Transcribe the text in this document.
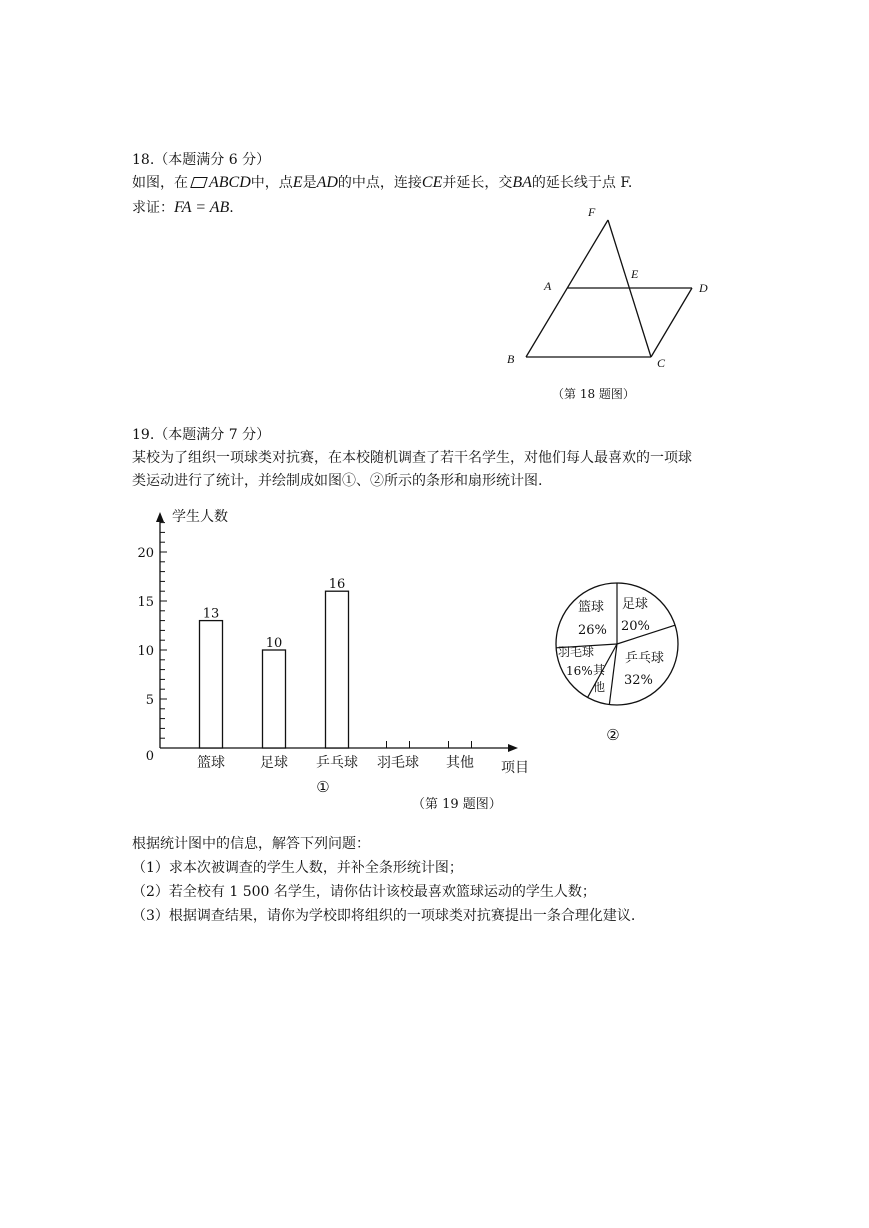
18.（本题满分 6 分）
如图，在 ABCD中，点E是AD的中点，连接CE并延长，交BA的延长线于点 F.
求证：FA = AB.	F
A
E
D
B	C
（第 18 题图）
19.（本题满分 7 分）
某校为了组织一项球类对抗赛，在本校随机调查了若干名学生，对他们每人最喜欢的一项球
类运动进行了统计，并绘制成如图①、②所示的条形和扇形统计图.
0
5
10
15
20
学生人数
项目
13
篮球
10
足球
16
乒乓球 羽毛球 其他
①
足球
20%
乒乓球
32%
其
他
羽毛球
16%
篮球
26%
②
（第 19 题图）
根据统计图中的信息，解答下列问题：
（1）求本次被调查的学生人数，并补全条形统计图；
（2）若全校有 1 500 名学生，请你估计该校最喜欢篮球运动的学生人数；
（3）根据调查结果，请你为学校即将组织的一项球类对抗赛提出一条合理化建议.
